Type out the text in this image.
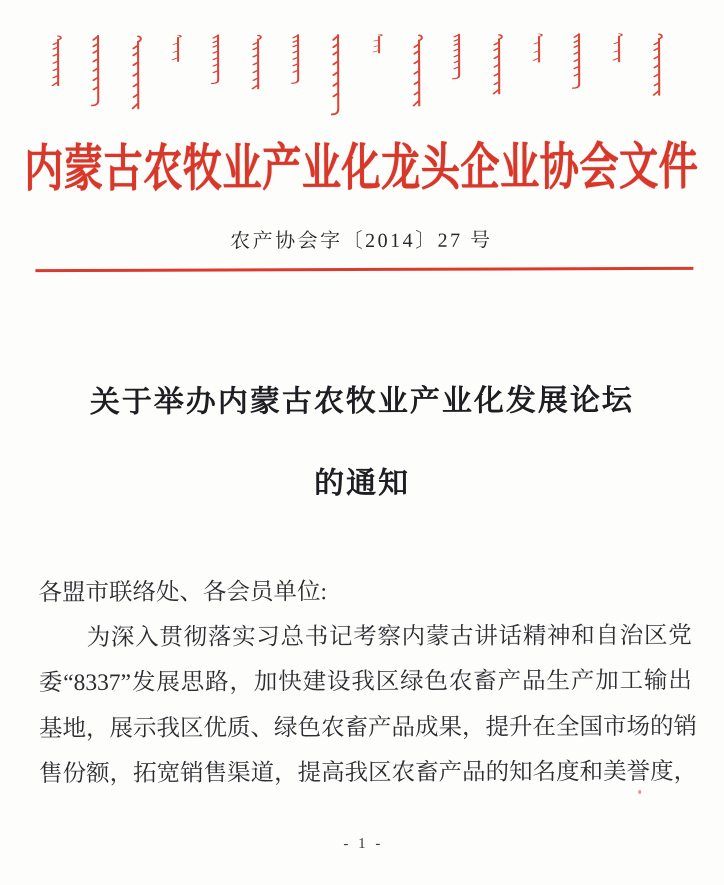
内蒙古农牧业产业化龙头企业协会文件
农产协会字〔2014〕27 号
关于举办内蒙古农牧业产业化发展论坛
的通知
各盟市联络处、各会员单位:
为深入贯彻落实习总书记考察内蒙古讲话精神和自治区党
委“8337”发展思路，加快建设我区绿色农畜产品生产加工输出
基地，展示我区优质、绿色农畜产品成果，提升在全国市场的销
售份额，拓宽销售渠道，提高我区农畜产品的知名度和美誉度，
- 1 -
